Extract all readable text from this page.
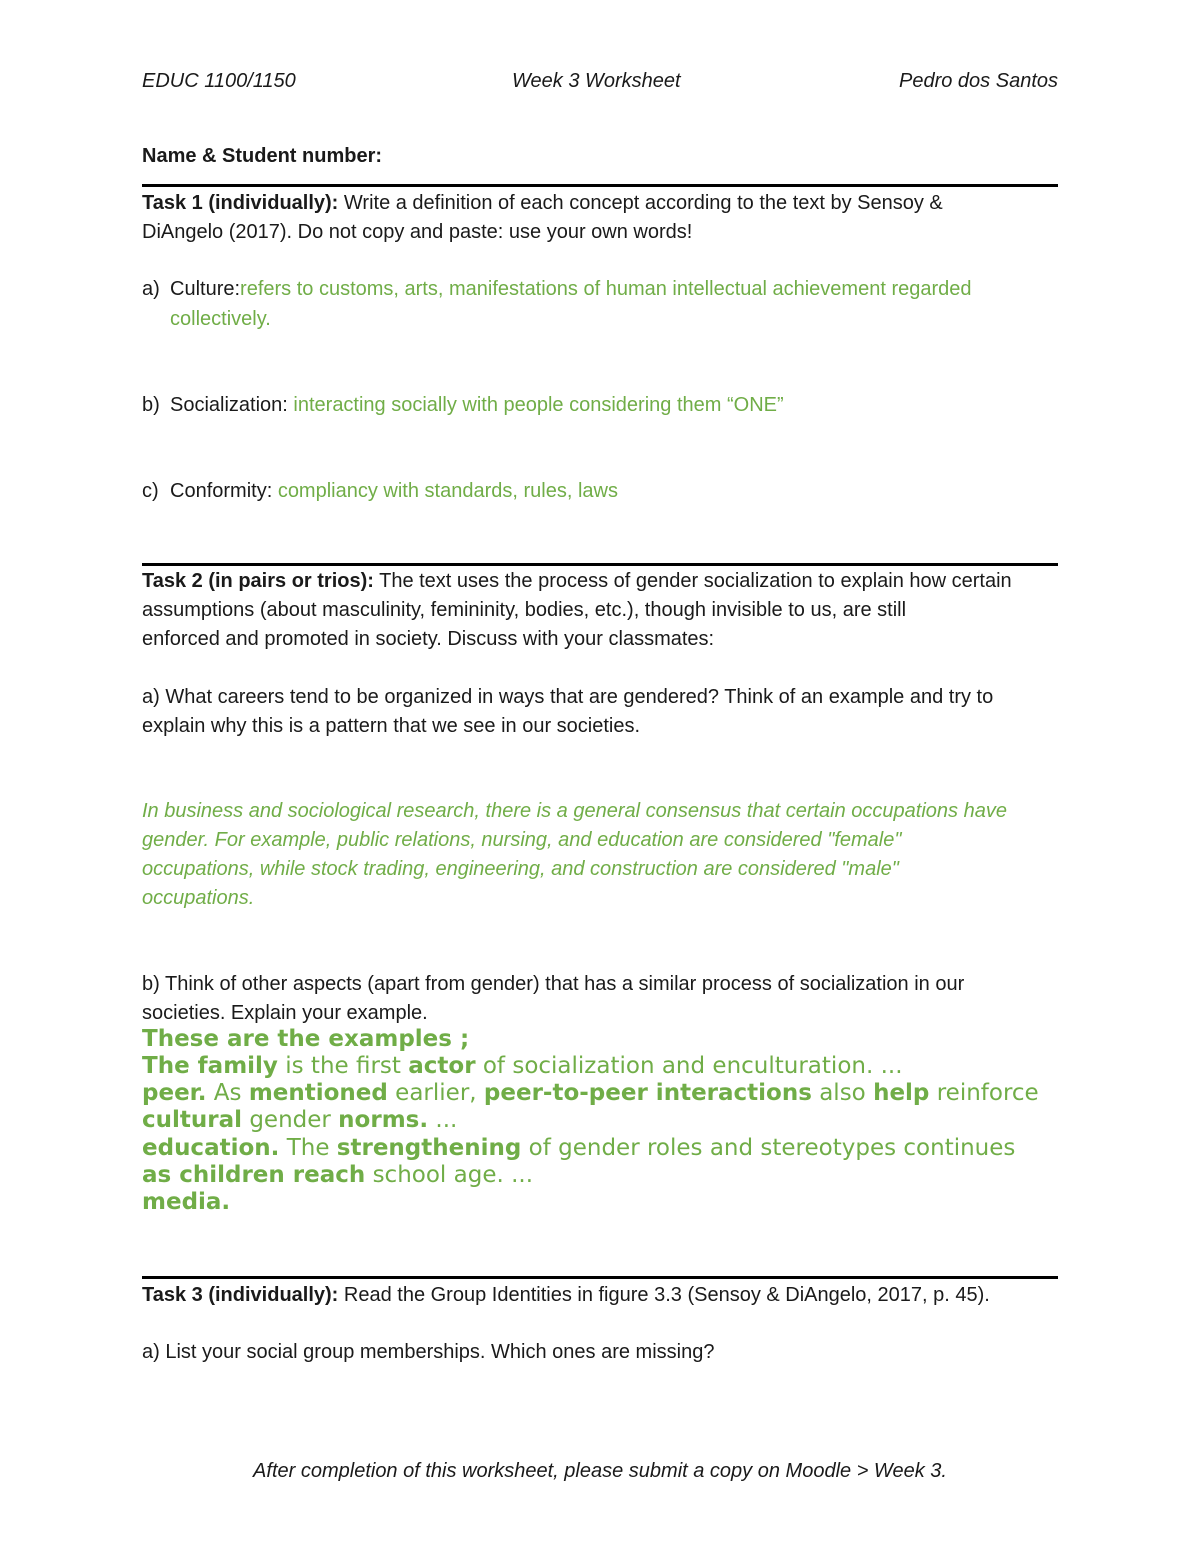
EDUC 1100/1150	Week 3 Worksheet	Pedro dos Santos
Name & Student number:
Task 1 (individually): Write a definition of each concept according to the text by Sensoy &
DiAngelo (2017). Do not copy and paste: use your own words!
a) Culture:refers to customs, arts, manifestations of human intellectual achievement regarded
collectively.
b) Socialization: interacting socially with people considering them “ONE”
c) Conformity: compliancy with standards, rules, laws
Task 2 (in pairs or trios): The text uses the process of gender socialization to explain how certain
assumptions (about masculinity, femininity, bodies, etc.), though invisible to us, are still
enforced and promoted in society. Discuss with your classmates:
a) What careers tend to be organized in ways that are gendered? Think of an example and try to
explain why this is a pattern that we see in our societies.
In business and sociological research, there is a general consensus that certain occupations have
gender. For example, public relations, nursing, and education are considered "female"
occupations, while stock trading, engineering, and construction are considered "male"
occupations.
b) Think of other aspects (apart from gender) that has a similar process of socialization in our
societies. Explain your example.
These are the examples ;
The family is the first actor of socialization and enculturation. ...
peer. As mentioned earlier, peer-to-peer interactions also help reinforce
cultural gender norms. ...
education. The strengthening of gender roles and stereotypes continues
as children reach school age. ...
media.
Task 3 (individually): Read the Group Identities in figure 3.3 (Sensoy & DiAngelo, 2017, p. 45).
a) List your social group memberships. Which ones are missing?
After completion of this worksheet, please submit a copy on Moodle > Week 3.
